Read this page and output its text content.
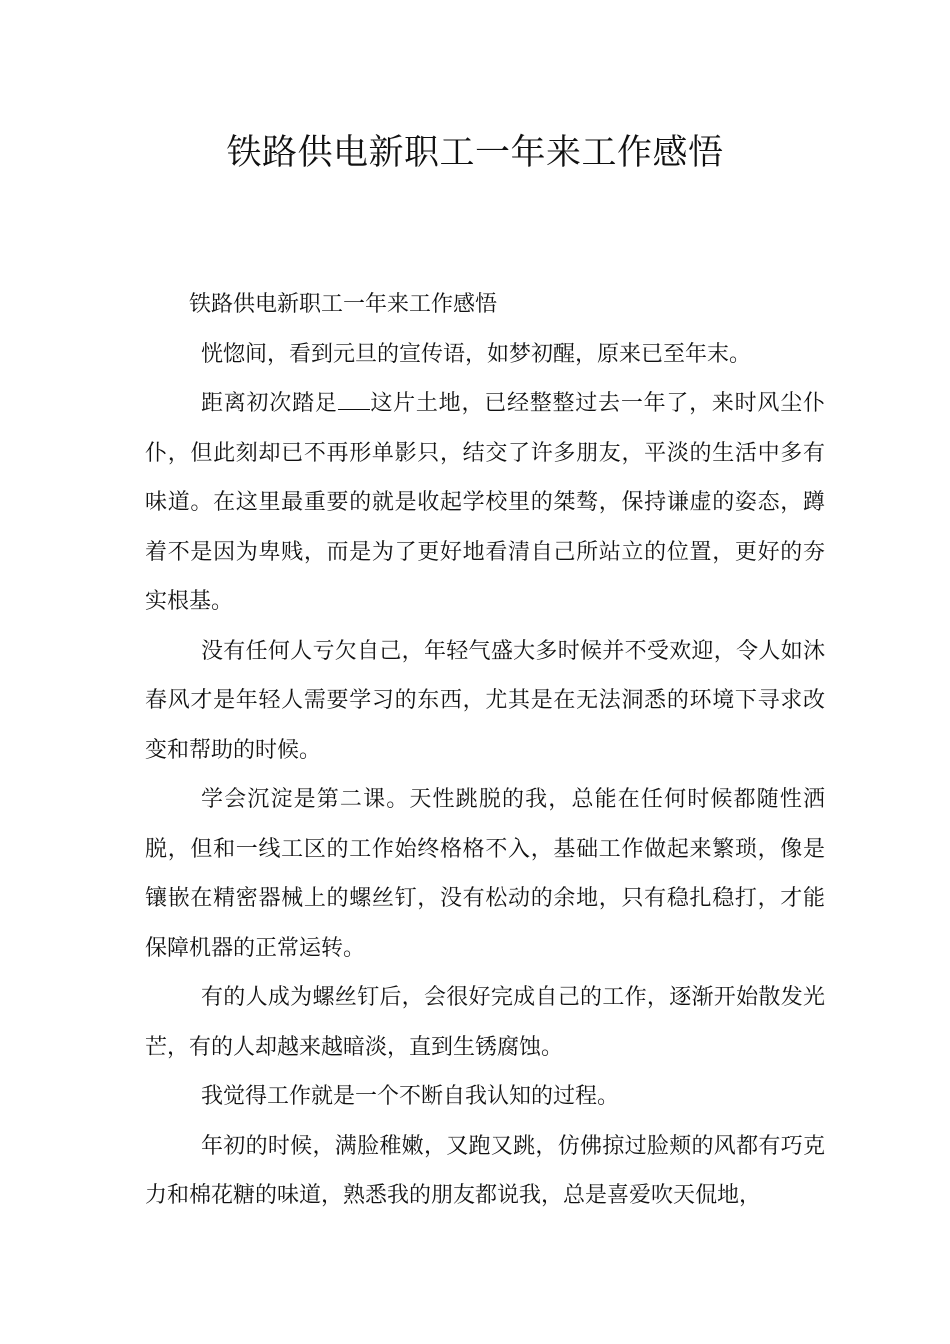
铁路供电新职工一年来工作感悟

铁路供电新职工一年来工作感悟

恍惚间，看到元旦的宣传语，如梦初醒，原来已至年末。

距离初次踏足 这片土地，已经整整过去一年了，来时风尘仆仆，但此刻却已不再形单影只，结交了许多朋友，平淡的生活中多有味道。在这里最重要的就是收起学校里的桀骜，保持谦虚的姿态，蹲着不是因为卑贱，而是为了更好地看清自己所站立的位置，更好的夯实根基。

没有任何人亏欠自己，年轻气盛大多时候并不受欢迎，令人如沐春风才是年轻人需要学习的东西，尤其是在无法洞悉的环境下寻求改变和帮助的时候。

学会沉淀是第二课。天性跳脱的我，总能在任何时候都随性洒脱，但和一线工区的工作始终格格不入，基础工作做起来繁琐，像是镶嵌在精密器械上的螺丝钉，没有松动的余地，只有稳扎稳打，才能保障机器的正常运转。

有的人成为螺丝钉后，会很好完成自己的工作，逐渐开始散发光芒，有的人却越来越暗淡，直到生锈腐蚀。

我觉得工作就是一个不断自我认知的过程。

年初的时候，满脸稚嫩，又跑又跳，仿佛掠过脸颊的风都有巧克力和棉花糖的味道，熟悉我的朋友都说我，总是喜爱吹天侃地，
